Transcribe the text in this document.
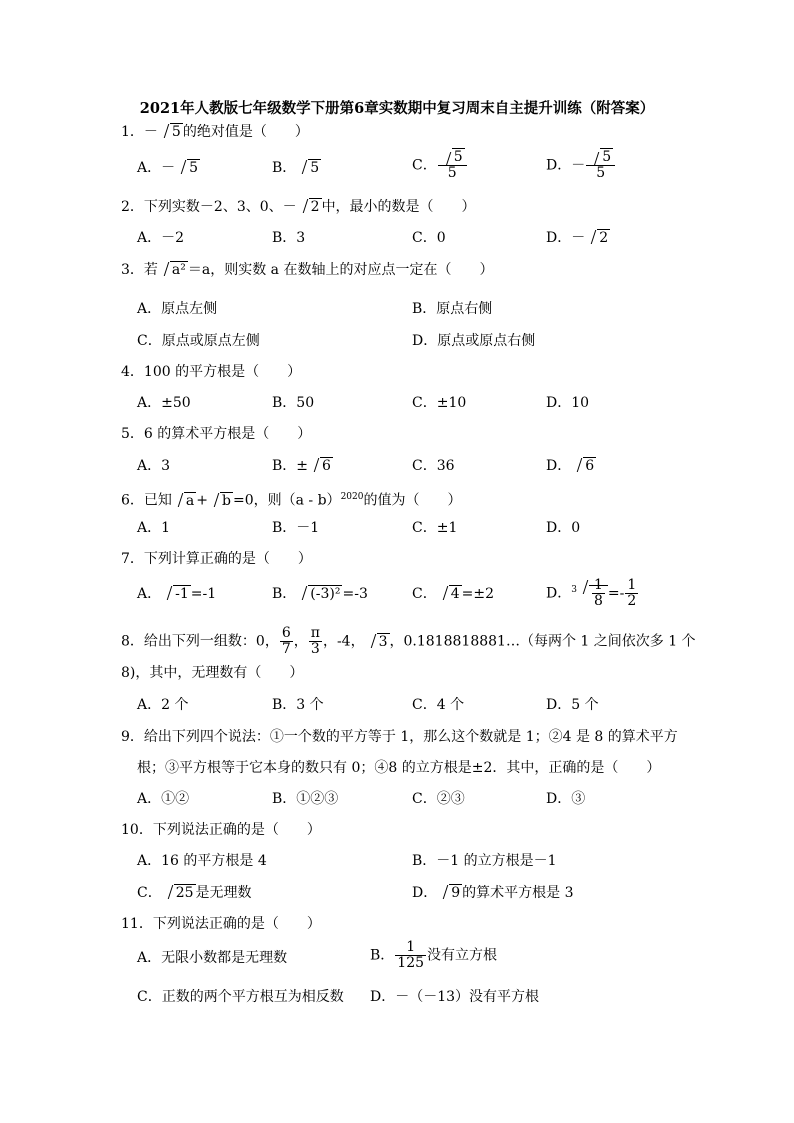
2021年人教版七年级数学下册第6章实数期中复习周末自主提升训练（附答案）
1．－ 5 的绝对值是（　　）
A．－ 5	B． 5	C． $\frac{5}{5}$	D．－ $\frac{5}{5}$
2．下列实数－2、3、0、－ 2 中，最小的数是（　　）
A．－2	B．3	C．0	D．－ 2
3．若 a² ＝a，则实数 a 在数轴上的对应点一定在（　　）
A．原点左侧	B．原点右侧
C．原点或原点左侧	D．原点或原点右侧
4．100 的平方根是（　　）
A．±50	B．50	C．±10	D．10
5．6 的算术平方根是（　　）
A．3	B．± 6	C．36	D． 6
6．已知 a + b =0，则（a - b）$^{2020}$的值为（　　）
A．1	B．－1	C．±1	D．0
7．下列计算正确的是（　　）
A． -1 =-1	B． (-3)² =-3	C． 4 =±2	D．$^3 \frac{1}{8} =- \frac{1}{2}$
8．给出下列一组数：0， $\frac{6}{7}$ ， $\frac{\pi}{3}$ ，-4， 3 ，0.1818818881…（每两个 1 之间依次多 1 个
8)，其中，无理数有（　　）
A．2 个	B．3 个	C．4 个	D．5 个
9．给出下列四个说法：①一个数的平方等于 1，那么这个数就是 1；②4 是 8 的算术平方
根；③平方根等于它本身的数只有 0；④8 的立方根是±2．其中，正确的是（　　）
A．①②	B．①②③	C．②③	D．③
10．下列说法正确的是（　　）
A．16 的平方根是 4	B．－1 的立方根是－1
C． 25 是无理数	D． 9 的算术平方根是 3
11．下列说法正确的是（　　）
A．无限小数都是无理数	B． $\frac{1}{125}$ 没有立方根
C．正数的两个平方根互为相反数 D．－（－13）没有平方根
